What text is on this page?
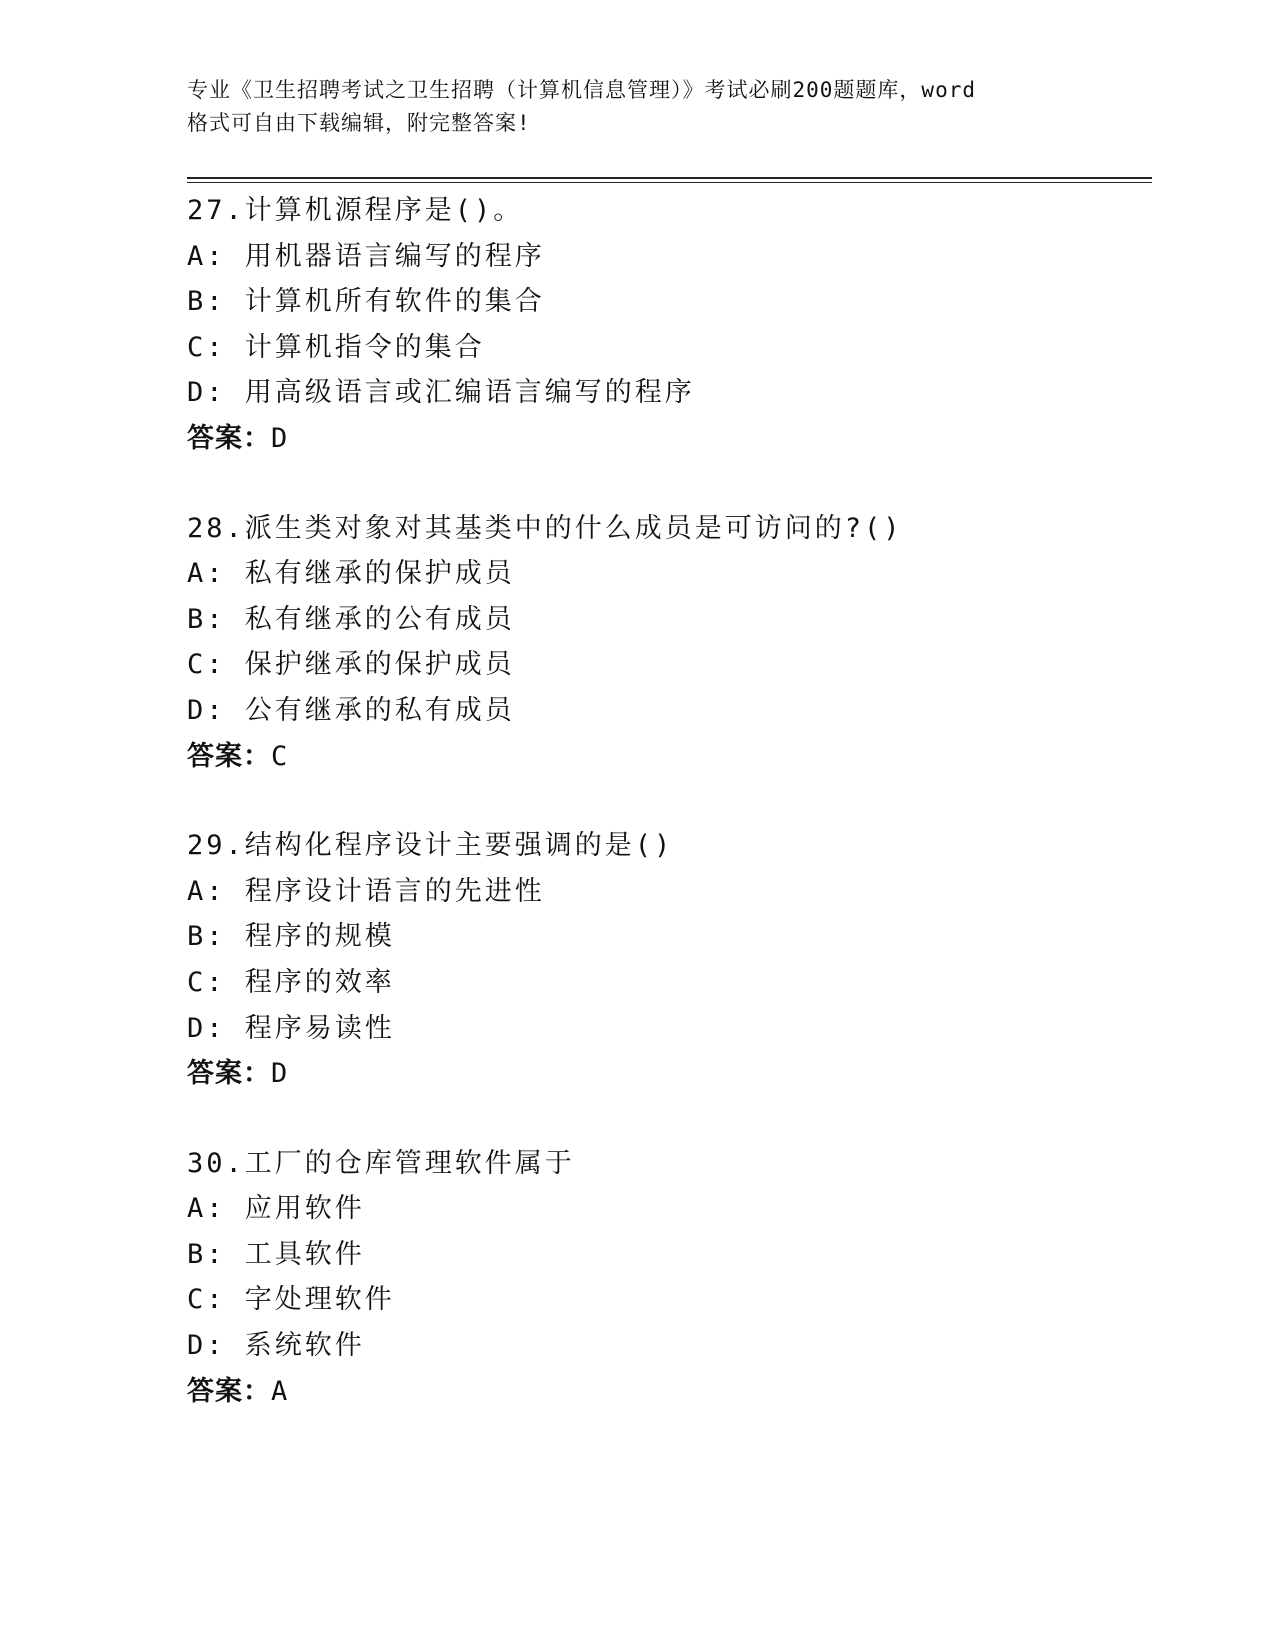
专业《卫生招聘考试之卫生招聘（计算机信息管理）》考试必刷200题题库，word
格式可自由下载编辑，附完整答案!
27.计算机源程序是()。
A: 用机器语言编写的程序
B: 计算机所有软件的集合
C: 计算机指令的集合
D: 用高级语言或汇编语言编写的程序
答案：D
28.派生类对象对其基类中的什么成员是可访问的?()
A: 私有继承的保护成员
B: 私有继承的公有成员
C: 保护继承的保护成员
D: 公有继承的私有成员
答案：C
29.结构化程序设计主要强调的是()
A: 程序设计语言的先进性
B: 程序的规模
C: 程序的效率
D: 程序易读性
答案：D
30.工厂的仓库管理软件属于
A: 应用软件
B: 工具软件
C: 字处理软件
D: 系统软件
答案：A
